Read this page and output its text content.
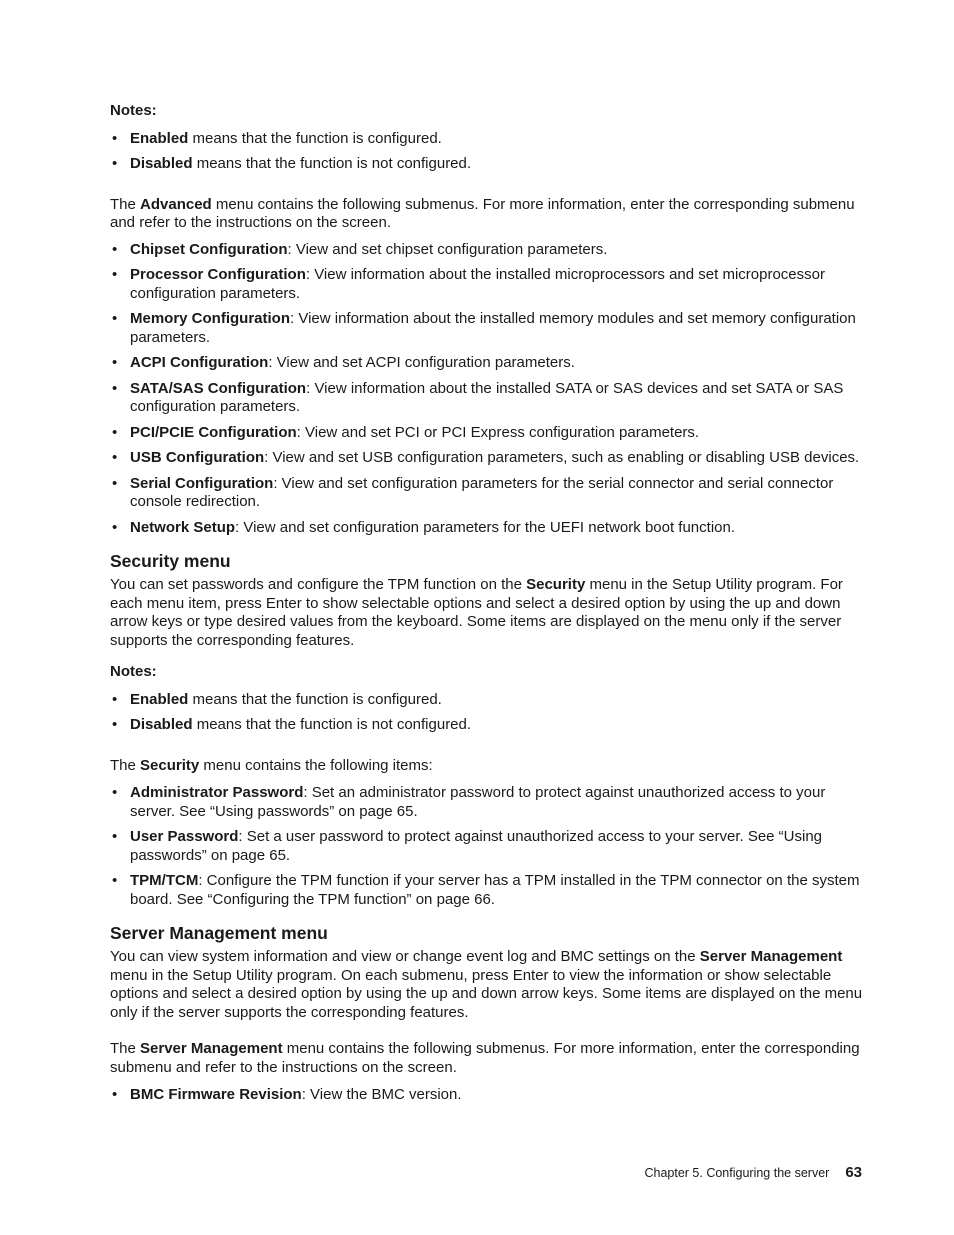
Notes:

• Enabled means that the function is configured.
• Disabled means that the function is not configured.

The Advanced menu contains the following submenus. For more information, enter the corresponding submenu and refer to the instructions on the screen.

• Chipset Configuration: View and set chipset configuration parameters.
• Processor Configuration: View information about the installed microprocessors and set microprocessor configuration parameters.
• Memory Configuration: View information about the installed memory modules and set memory configuration parameters.
• ACPI Configuration: View and set ACPI configuration parameters.
• SATA/SAS Configuration: View information about the installed SATA or SAS devices and set SATA or SAS configuration parameters.
• PCI/PCIE Configuration: View and set PCI or PCI Express configuration parameters.
• USB Configuration: View and set USB configuration parameters, such as enabling or disabling USB devices.
• Serial Configuration: View and set configuration parameters for the serial connector and serial connector console redirection.
• Network Setup: View and set configuration parameters for the UEFI network boot function.
Security menu

You can set passwords and configure the TPM function on the Security menu in the Setup Utility program. For each menu item, press Enter to show selectable options and select a desired option by using the up and down arrow keys or type desired values from the keyboard. Some items are displayed on the menu only if the server supports the corresponding features.

Notes:

• Enabled means that the function is configured.
• Disabled means that the function is not configured.

The Security menu contains the following items:

• Administrator Password: Set an administrator password to protect against unauthorized access to your server. See “Using passwords” on page 65.
• User Password: Set a user password to protect against unauthorized access to your server. See “Using passwords” on page 65.
• TPM/TCM: Configure the TPM function if your server has a TPM installed in the TPM connector on the system board. See “Configuring the TPM function” on page 66.
Server Management menu

You can view system information and view or change event log and BMC settings on the Server Management menu in the Setup Utility program. On each submenu, press Enter to view the information or show selectable options and select a desired option by using the up and down arrow keys. Some items are displayed on the menu only if the server supports the corresponding features.

The Server Management menu contains the following submenus. For more information, enter the corresponding submenu and refer to the instructions on the screen.

• BMC Firmware Revision: View the BMC version.
Chapter 5. Configuring the server 63
